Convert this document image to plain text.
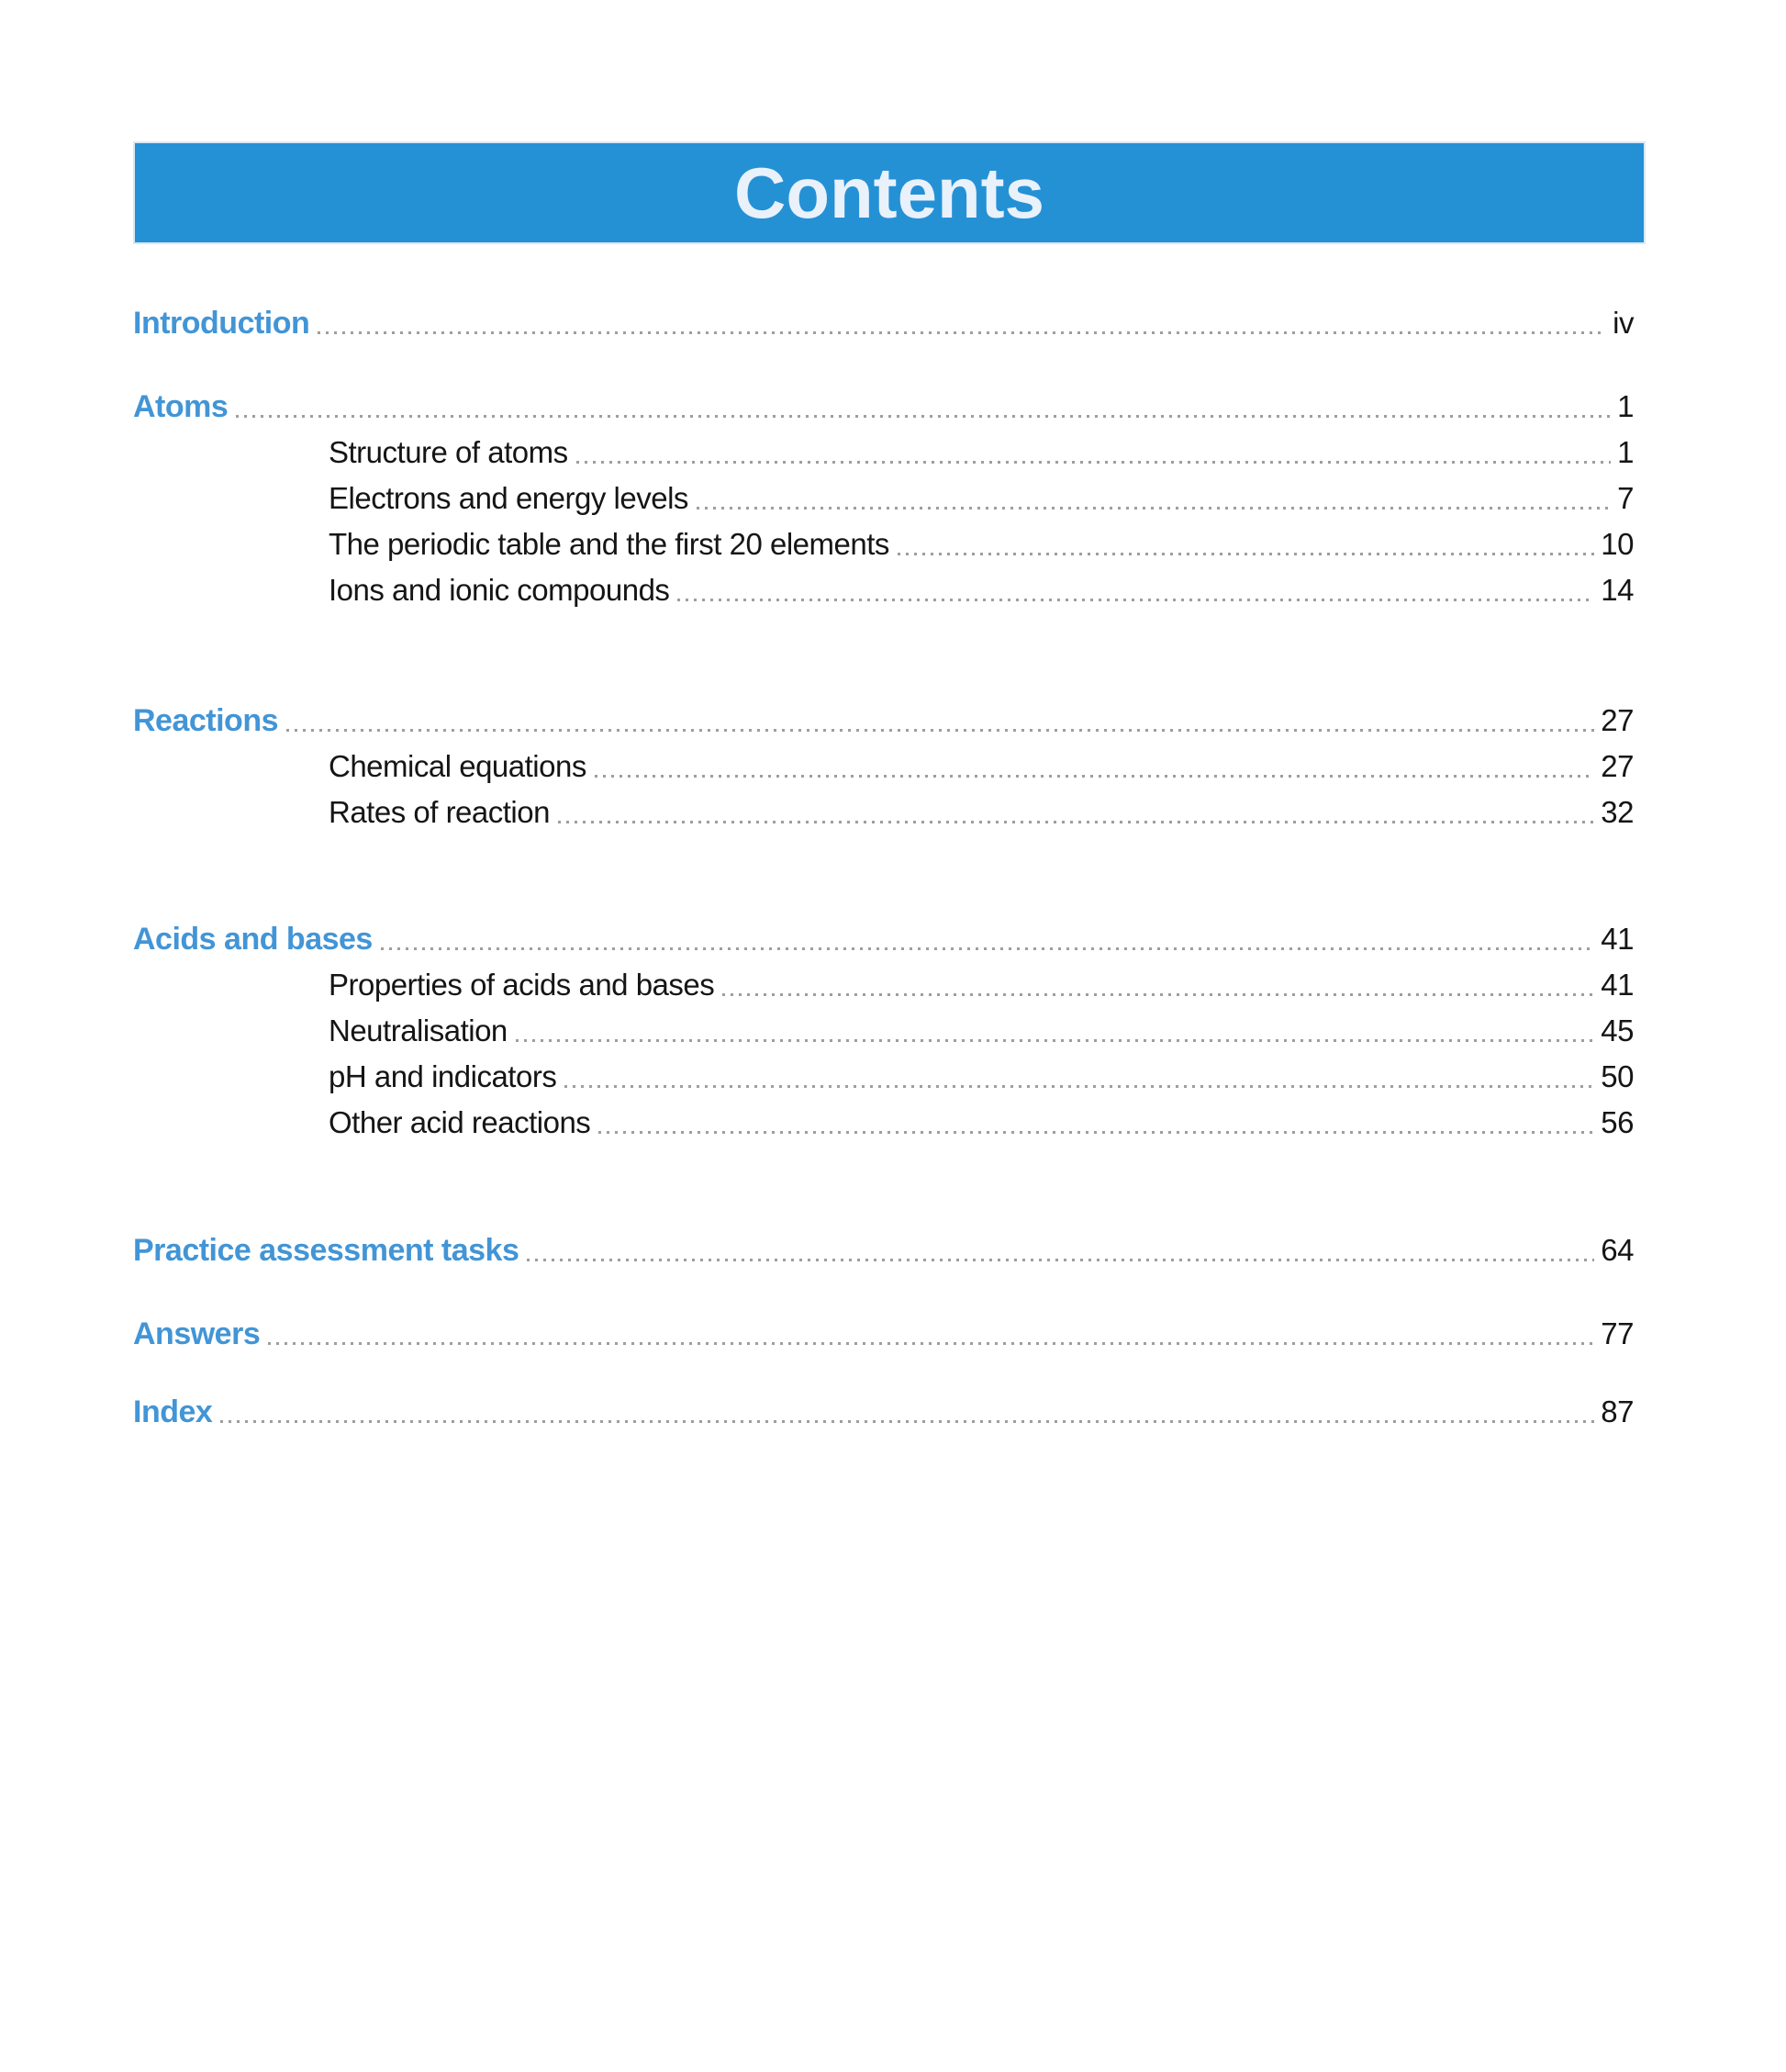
Contents
Introduction	iv
Atoms	1
Structure of atoms	1
Electrons and energy levels	7
The periodic table and the first 20 elements	10
Ions and ionic compounds	14
Reactions	27
Chemical equations	27
Rates of reaction	32
Acids and bases	41
Properties of acids and bases	41
Neutralisation	45
pH and indicators	50
Other acid reactions	56
Practice assessment tasks	64
Answers	77
Index	87
